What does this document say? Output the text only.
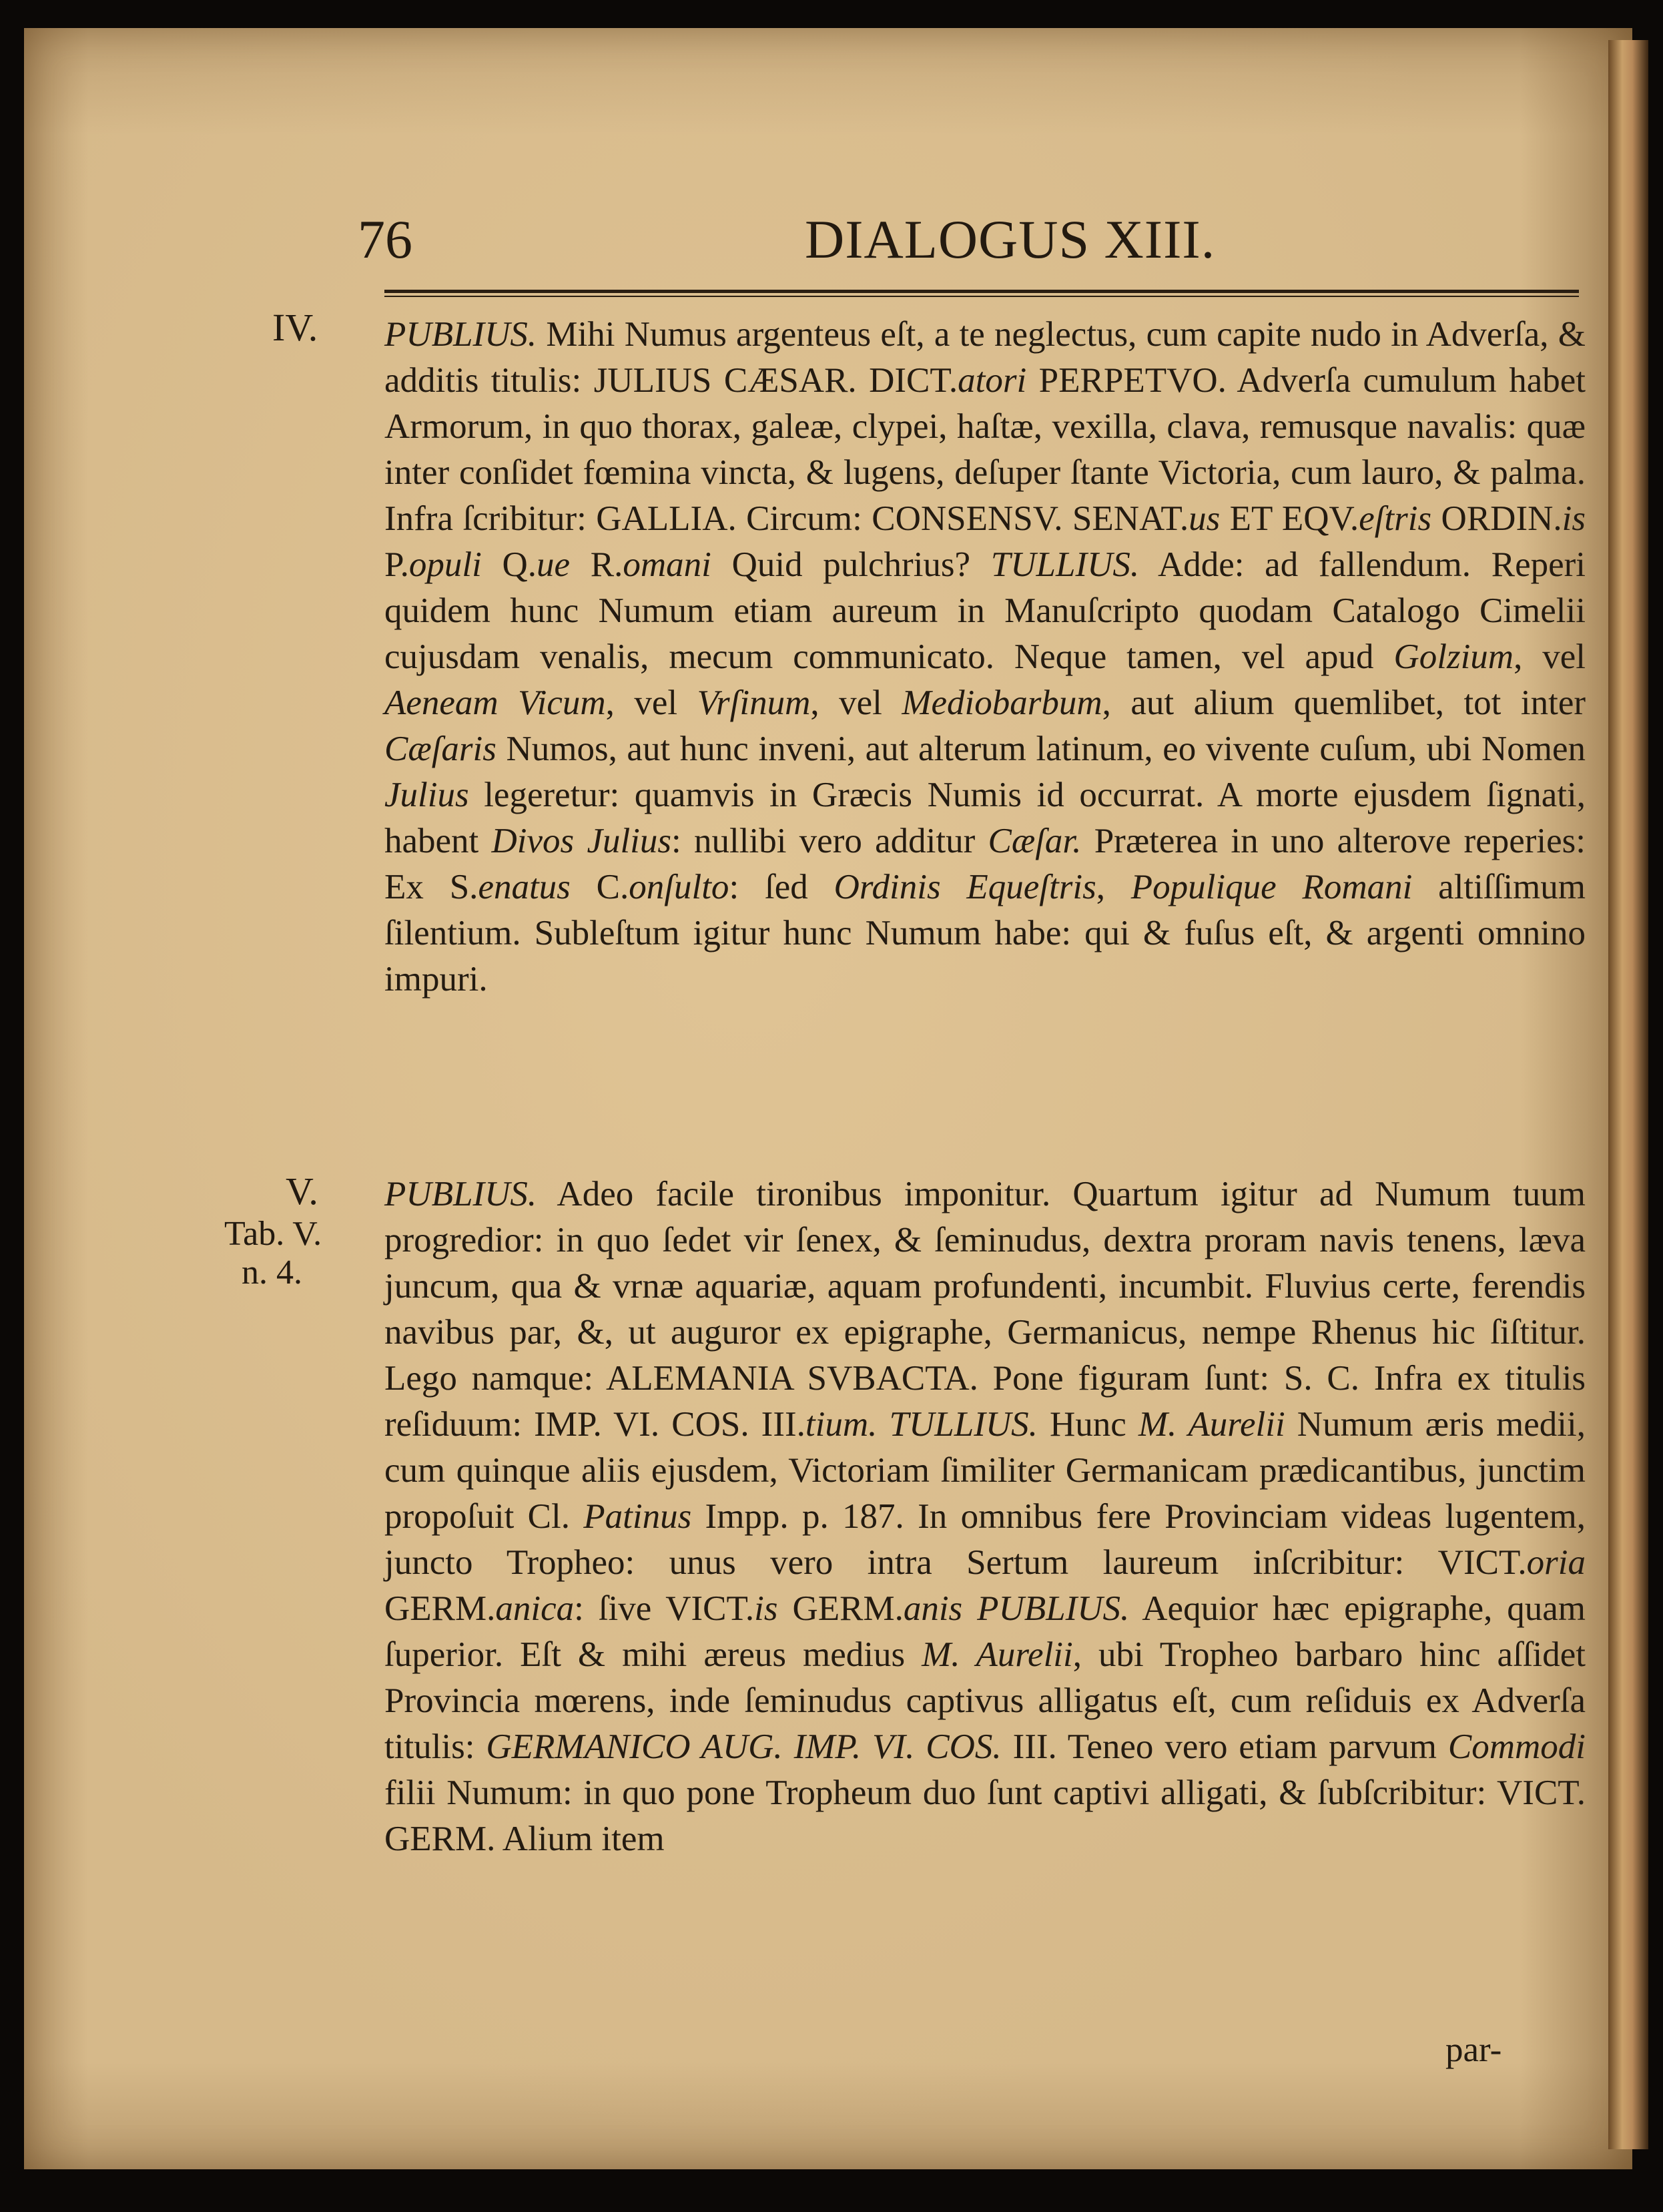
76	DIALOGUS XIII.
IV.
V.
Tab. V.
n. 4.
PUBLIUS. Mihi Numus argenteus eſt, a te neglectus, cum capite nudo in Adverſa, & additis titulis: JULIUS CÆSAR. DICT.atori PERPETVO. Adverſa cumulum habet Armorum, in quo thorax, galeæ, clypei, haſtæ, vexilla, clava, remusque navalis: quæ inter conſidet fœmina vincta, & lugens, deſuper ſtante Victoria, cum lauro, & palma. Infra ſcribitur: GALLIA. Circum: CONSENSV. SENAT.us ET EQV.eſtris ORDIN.is P.opuli Q.ue R.omani Quid pulchrius? TULLIUS. Adde: ad fallendum. Reperi quidem hunc Numum etiam aureum in Manuſcripto quodam Catalogo Cimelii cujusdam venalis, mecum communicato. Neque tamen, vel apud Golzium, vel Aeneam Vicum, vel Vrſinum, vel Mediobarbum, aut alium quemlibet, tot inter Cæſaris Numos, aut hunc inveni, aut alterum latinum, eo vivente cuſum, ubi Nomen Julius legeretur: quamvis in Græcis Numis id occurrat. A morte ejusdem ſignati, habent Divos Julius: nullibi vero additur Cæſar. Præterea in uno alterove reperies: Ex S.enatus C.onſulto: ſed Ordinis Equeſtris, Populique Romani altiſſimum ſilentium. Subleſtum igitur hunc Numum habe: qui & fuſus eſt, & argenti omnino impuri.
PUBLIUS. Adeo facile tironibus imponitur. Quartum igitur ad Numum tuum progredior: in quo ſedet vir ſenex, & ſeminudus, dextra proram navis tenens, læva juncum, qua & vrnæ aquariæ, aquam profundenti, incumbit. Fluvius certe, ferendis navibus par, &, ut auguror ex epigraphe, Germanicus, nempe Rhenus hic ſiſtitur. Lego namque: ALEMANIA SVBACTA. Pone figuram ſunt: S. C. Infra ex titulis reſiduum: IMP. VI. COS. III.tium. TULLIUS. Hunc M. Aurelii Numum æris medii, cum quinque aliis ejusdem, Victoriam ſimiliter Germanicam prædicantibus, junctim propoſuit Cl. Patinus Impp. p. 187. In omnibus fere Provinciam videas lugentem, juncto Tropheo: unus vero intra Sertum laureum inſcribitur: VICT.oria GERM.anica: ſive VICT.is GERM.anis PUBLIUS. Aequior hæc epigraphe, quam ſuperior. Eſt & mihi æreus medius M. Aurelii, ubi Tropheo barbaro hinc aſſidet Provincia mœrens, inde ſeminudus captivus alligatus eſt, cum reſiduis ex Adverſa titulis: GERMANICO AUG. IMP. VI. COS. III. Teneo vero etiam parvum Commodi filii Numum: in quo pone Tropheum duo ſunt captivi alligati, & ſubſcribitur: VICT. GERM. Alium item
par-
